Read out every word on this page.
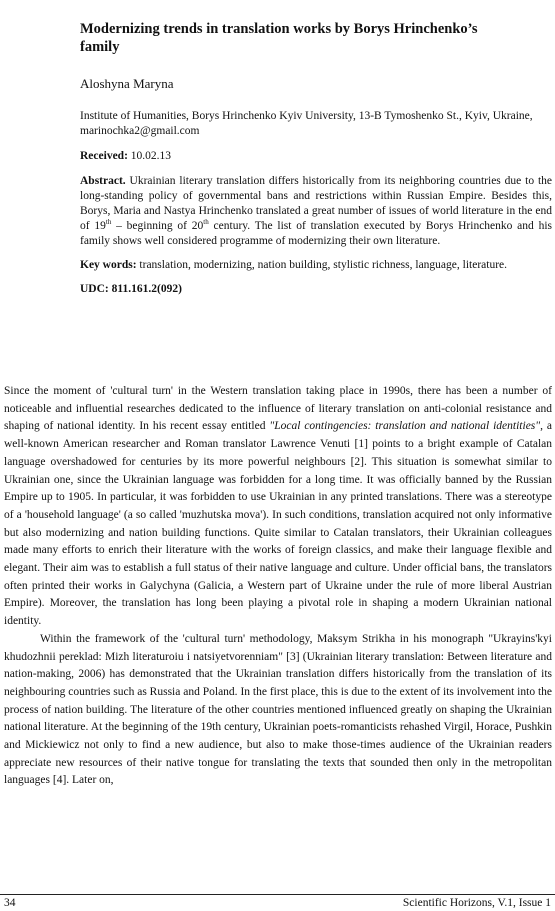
Modernizing trends in translation works by Borys Hrinchenko’s family
Aloshyna Maryna
Institute of Humanities, Borys Hrinchenko Kyiv University, 13-B Tymoshenko St., Kyiv, Ukraine, marinochka2@gmail.com
Received: 10.02.13
Abstract. Ukrainian literary translation differs historically from its neighboring countries due to the long-standing policy of governmental bans and restrictions within Russian Empire. Besides this, Borys, Maria and Nastya Hrinchenko translated a great number of issues of world literature in the end of 19th – beginning of 20th century. The list of translation executed by Borys Hrinchenko and his family shows well considered programme of modernizing their own literature.
Key words: translation, modernizing, nation building, stylistic richness, language, literature.
UDC: 811.161.2(092)

Since the moment of 'cultural turn' in the Western translation taking place in 1990s, there has been a number of noticeable and influential researches dedicated to the influence of literary translation on anti-colonial resistance and shaping of national identity. In his recent essay entitled "Local contingencies: translation and national identities", a well-known American researcher and Roman translator Lawrence Venuti [1] points to a bright example of Catalan language overshadowed for centuries by its more powerful neighbours [2]. This situation is somewhat similar to Ukrainian one, since the Ukrainian language was forbidden for a long time. It was officially banned by the Russian Empire up to 1905. In particular, it was forbidden to use Ukrainian in any printed translations. There was a stereotype of a 'household language' (a so called 'muzhutska mova'). In such conditions, translation acquired not only informative but also modernizing and nation building functions. Quite similar to Catalan translators, their Ukrainian colleagues made many efforts to enrich their literature with the works of foreign classics, and make their language flexible and elegant. Their aim was to establish a full status of their native language and culture. Under official bans, the translators often printed their works in Galychyna (Galicia, a Western part of Ukraine under the rule of more liberal Austrian Empire). Moreover, the translation has long been playing a pivotal role in shaping a modern Ukrainian national identity.

Within the framework of the 'cultural turn' methodology, Maksym Strikha in his monograph "Ukrayins'kyi khudozhnii pereklad: Mizh literaturoiu i natsiyetvorenniam" [3] (Ukrainian literary translation: Between literature and nation-making, 2006) has demonstrated that the Ukrainian translation differs historically from the translation of its neighbouring countries such as Russia and Poland. In the first place, this is due to the extent of its involvement into the process of nation building. The literature of the other countries mentioned influenced greatly on shaping the Ukrainian national literature. At the beginning of the 19th century, Ukrainian poets-romanticists rehashed Virgil, Horace, Pushkin and Mickiewicz not only to find a new audience, but also to make those-times audience of the Ukrainian readers appreciate new resources of their native tongue for translating the texts that sounded then only in the metropolitan languages [4]. Later on,

34	Scientific Horizons, V.1, Issue 1
